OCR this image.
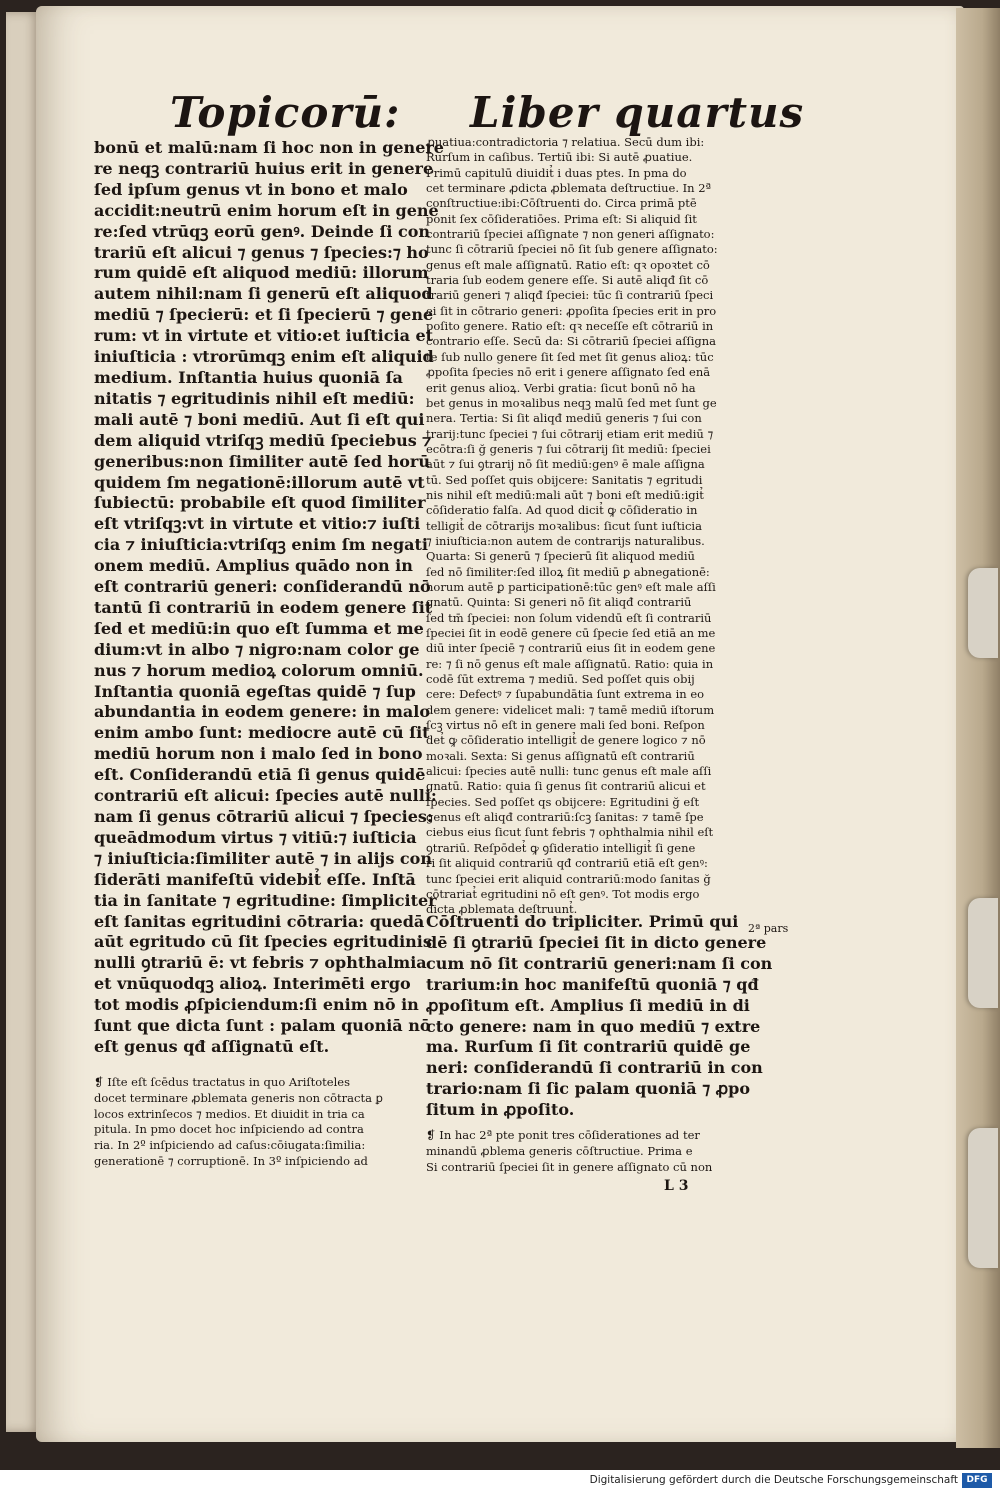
Topicorū: Liber quartus
bonū et malū:nam ſi hoc non in genere
re neqꝫ contrariū huius erit in genere
ſed ipſum genus vt in bono et malo
accidit:neutrū enim horum eſt in gene
re:ſed vtrūqꝫ eorū genꝰ. Deinde ſi con
trariū eſt alicui ⁊ genus ⁊ ſpecies:⁊ ho
rum quidē eſt aliquod mediū: illorum
autem nihil:nam ſi generū eſt aliquod
mediū ⁊ ſpecierū: et ſi ſpecierū ⁊ gene
rum: vt in virtute et vitio:et iuſticia et
iniuſticia : vtrorūmqꝫ enim eſt aliquid
medium. Inſtantia huius quoniā ſa
nitatis ⁊ egritudinis nihil eſt mediū:
mali autē ⁊ boni mediū. Aut ſi eſt qui
dem aliquid vtriſqꝫ mediū ſpeciebus ⁊
generibus:non ſimiliter autē ſed horū
quidem ſm negationē:illorum autē vt
ſubiectū: probabile eſt quod ſimiliter
eſt vtriſqꝫ:vt in virtute et vitio:⁊ iuſti
cia ⁊ iniuſticia:vtriſqꝫ enim ſm negati
onem mediū. Amplius quādo non in
eſt contrariū generi: conſiderandū nō
tantū ſi contrariū in eodem genere ſit
ſed et mediū:in quo eſt ſumma et me
dium:vt in albo ⁊ nigro:nam color ge
nus ⁊ horum medioꝝ colorum omniū.
Inſtantia quoniā egeſtas quidē ⁊ ſup
abundantia in eodem genere: in malo
enim ambo ſunt: mediocre autē cū ſit
mediū horum non i malo ſed in bono
eſt. Conſiderandū etiā ſi genus quidē
contrariū eſt alicui: ſpecies autē nulli:
nam ſi genus cōtrariū alicui ⁊ ſpecies:
queādmodum virtus ⁊ vitiū:⁊ iuſticia
⁊ iniuſticia:ſimiliter autē ⁊ in alijs con
ſiderāti manifeſtū videbit̉ eſſe. Inſtā
tia in ſanitate ⁊ egritudine: ſimpliciter
eſt ſanitas egritudini cōtraria: quedā
aūt egritudo cū ſit ſpecies egritudinis
nulli ꝯtrariū ē: vt febris ⁊ ophthalmia
et vnūquodqꝫ alioꝝ. Interimēti ergo
tot modis ꝓſpiciendum:ſi enim nō in
ſunt que dicta ſunt : palam quoniā nō
eſt genus qđ aſſignatū eſt.
❡ Iſte eſt ſcēdus tractatus in quo Ariſtoteles
docet terminare ꝓblemata generis non cōtracta ꝑ
locos extrinſecos ⁊ medios. Et diuidit in tria ca
pitula. In pmo docet hoc inſpiciendo ad contra
ria. In 2º inſpiciendo ad caſus:cōiugata:ſimilia:
generationē ⁊ corruptionē. In 3º inſpiciendo ad
ꝓuatiua:contradictoria ⁊ relatiua. Secū dum ibi:
Rurſum in caſibus. Tertiū ibi: Si autē ꝓuatiue.
Primū capitulū diuidit̉ i duas ptes. In pma do
cet terminare ꝓdicta ꝓblemata deſtructiue. In 2ª
conſtructiue:ibi:Cōſtruenti do. Circa primā ptē
ponit ſex cōſideratiōes. Prima eſt: Si aliquid ſit
contrariū ſpeciei aſſignate ⁊ non generi aſſignato:
tunc ſi cōtrariū ſpeciei nō ſit ſub genere aſſignato:
genus eſt male aſſignatū. Ratio eſt: qꝛ opoꝛtet cō
traria ſub eodem genere eſſe. Si autē aliqđ ſit cō
trariū generi ⁊ aliqđ ſpeciei: tūc ſi contrariū ſpeci
ei ſit in cōtrario generi: ꝓpoſita ſpecies erit in pro
poſito genere. Ratio eſt: qꝛ neceſſe eſt cōtrariū in
contrario eſſe. Secū da: Si cōtrariū ſpeciei aſſigna
te ſub nullo genere ſit ſed met ſit genus alioꝝ: tūc
ꝓpoſita ſpecies nō erit i genere aſſignato ſed enā
erit genus alioꝝ. Verbi gratia: ſicut bonū nō ha
bet genus in moꝛalibus neqꝫ malū ſed met ſunt ge
nera. Tertia: Si ſit aliqđ mediū generis ⁊ ſui con
trarij:tunc ſpeciei ⁊ ſui cōtrarij etiam erit mediū ⁊
ecōtra:ſi ğ generis ⁊ ſui cōtrarij ſit mediū: ſpeciei
aūt ⁊ ſui ꝯtrarij nō ſit mediū:genꝰ ē male aſſigna
tū. Sed poſſet quis obijcere: Sanitatis ⁊ egritudi
nis nihil eſt mediū:mali aūt ⁊ boni eſt mediū:igit̉
cōſideratio falſa. Ad quod dicit̉ ꝙ cōſideratio in
telligit̉ de cōtrarijs moꝛalibus: ſicut ſunt iuſticia
⁊ iniuſticia:non autem de contrarijs naturalibus.
Quarta: Si generū ⁊ ſpecierū ſit aliquod mediū
ſed nō ſimiliter:ſed illoꝝ ſit mediū ꝑ abnegationē:
horum autē ꝑ participationē:tūc genꝰ eſt male aſſi
gnatū. Quinta: Si generi nō ſit aliqđ contrariū
ſed tm̄ ſpeciei: non ſolum videndū eſt ſi contrariū
ſpeciei ſit in eodē genere cū ſpecie ſed etiā an me
diū inter ſpeciē ⁊ contrariū eius ſit in eodem gene
re: ⁊ ſi nō genus eſt male aſſignatū. Ratio: quia in
codē ſūt extrema ⁊ mediū. Sed poſſet quis obij
cere: Defectꝰ ⁊ ſupabundātia ſunt extrema in eo
dem genere: videlicet mali: ⁊ tamē mediū iſtorum
ſcꝫ virtus nō eſt in genere mali ſed boni. Reſpon
det̉ ꝙ cōſideratio intelligit̉ de genere logico ⁊ nō
moꝛali. Sexta: Si genus aſſignatū eſt contrariū
alicui: ſpecies autē nulli: tunc genus eſt male aſſi
gnatū. Ratio: quia ſi genus ſit contrariū alicui et
ſpecies. Sed poſſet qs obijcere: Egritudini ğ eſt
genus eſt aliqđ contrariū:ſcꝫ ſanitas: ⁊ tamē ſpe
ciebus eius ſicut ſunt febris ⁊ ophthalmia nihil eſt
ꝯtrariū. Reſpōdet̉ ꝙ ꝯſideratio intelligit̉ ſi gene
ri ſit aliquid contrariū qđ contrariū etiā eſt genꝰ:
tunc ſpeciei erit aliquid contrariū:modo ſanitas ğ
cōtrariat̉ egritudini nō eſt genꝰ. Tot modis ergo
dicta ꝓblemata deſtruunt̉.
Cōſtruenti do tripliciter. Primū qui
dē ſi ꝯtrariū ſpeciei ſit in dicto genere
cum nō ſit contrariū generi:nam ſi con
trarium:in hoc manifeſtū quoniā ⁊ qđ
ꝓpoſitum eſt. Amplius ſi mediū in di
cto genere: nam in quo mediū ⁊ extre
ma. Rurſum ſi ſit contrariū quidē ge
neri: conſiderandū ſi contrariū in con
trario:nam ſi ſic palam quoniā ⁊ ꝓpo
ſitum in ꝓpoſito.
❡ In hac 2ª pte ponit tres cōſiderationes ad ter
minandū ꝓblema generis cōſtructiue. Prima e
Si contrariū ſpeciei ſit in genere aſſignato cū non
2ª pars
L 3
Digitalisierung gefördert durch die Deutsche Forschungsgemeinschaft DFG
